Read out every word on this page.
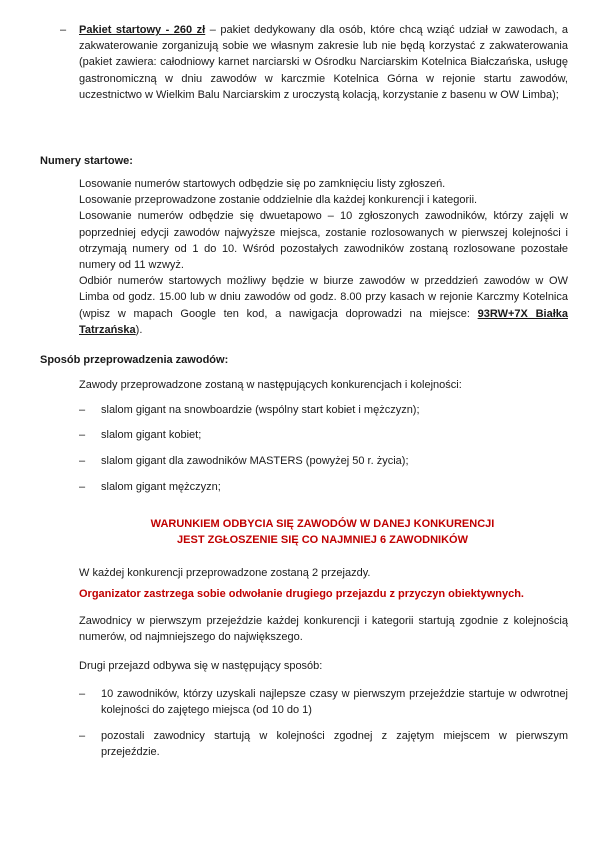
–	Pakiet startowy - 260 zł – pakiet dedykowany dla osób, które chcą wziąć udział w zawodach, a zakwaterowanie zorganizują sobie we własnym zakresie lub nie będą korzystać z zakwaterowania (pakiet zawiera: całodniowy karnet narciarski w Ośrodku Narciarskim Kotelnica Białczańska, usługę gastronomiczną w dniu zawodów w karczmie Kotelnica Górna w rejonie startu zawodów, uczestnictwo w Wielkim Balu Narciarskim z uroczystą kolacją, korzystanie z basenu w OW Limba);

Numery startowe:
Losowanie numerów startowych odbędzie się po zamknięciu listy zgłoszeń.
Losowanie przeprowadzone zostanie oddzielnie dla każdej konkurencji i kategorii.
Losowanie numerów odbędzie się dwuetapowo – 10 zgłoszonych zawodników, którzy zajęli w poprzedniej edycji zawodów najwyższe miejsca, zostanie rozlosowanych w pierwszej kolejności i otrzymają numery od 1 do 10. Wśród pozostałych zawodników zostaną rozlosowane pozostałe numery od 11 wzwyż.
Odbiór numerów startowych możliwy będzie w biurze zawodów w przeddzień zawodów w OW Limba od godz. 15.00 lub w dniu zawodów od godz. 8.00 przy kasach w rejonie Karczmy Kotelnica (wpisz w mapach Google ten kod, a nawigacja doprowadzi na miejsce: 93RW+7X Białka Tatrzańska).
Sposób przeprowadzenia zawodów:
Zawody przeprowadzone zostaną w następujących konkurencjach i kolejności:
–	slalom gigant na snowboardzie (wspólny start kobiet i mężczyzn);
–	slalom gigant kobiet;
–	slalom gigant dla zawodników MASTERS (powyżej 50 r. życia);
–	slalom gigant mężczyzn;
WARUNKIEM ODBYCIA SIĘ ZAWODÓW W DANEJ KONKURENCJI
JEST ZGŁOSZENIE SIĘ CO NAJMNIEJ 6 ZAWODNIKÓW
W każdej konkurencji przeprowadzone zostaną 2 przejazdy.
Organizator zastrzega sobie odwołanie drugiego przejazdu z przyczyn obiektywnych.
Zawodnicy w pierwszym przejeździe każdej konkurencji i kategorii startują zgodnie z kolejnością numerów, od najmniejszego do największego.
Drugi przejazd odbywa się w następujący sposób:
–	10 zawodników, którzy uzyskali najlepsze czasy w pierwszym przejeździe startuje w odwrotnej kolejności do zajętego miejsca (od 10 do 1)
–	pozostali zawodnicy startują w kolejności zgodnej z zajętym miejscem w pierwszym przejeździe.
